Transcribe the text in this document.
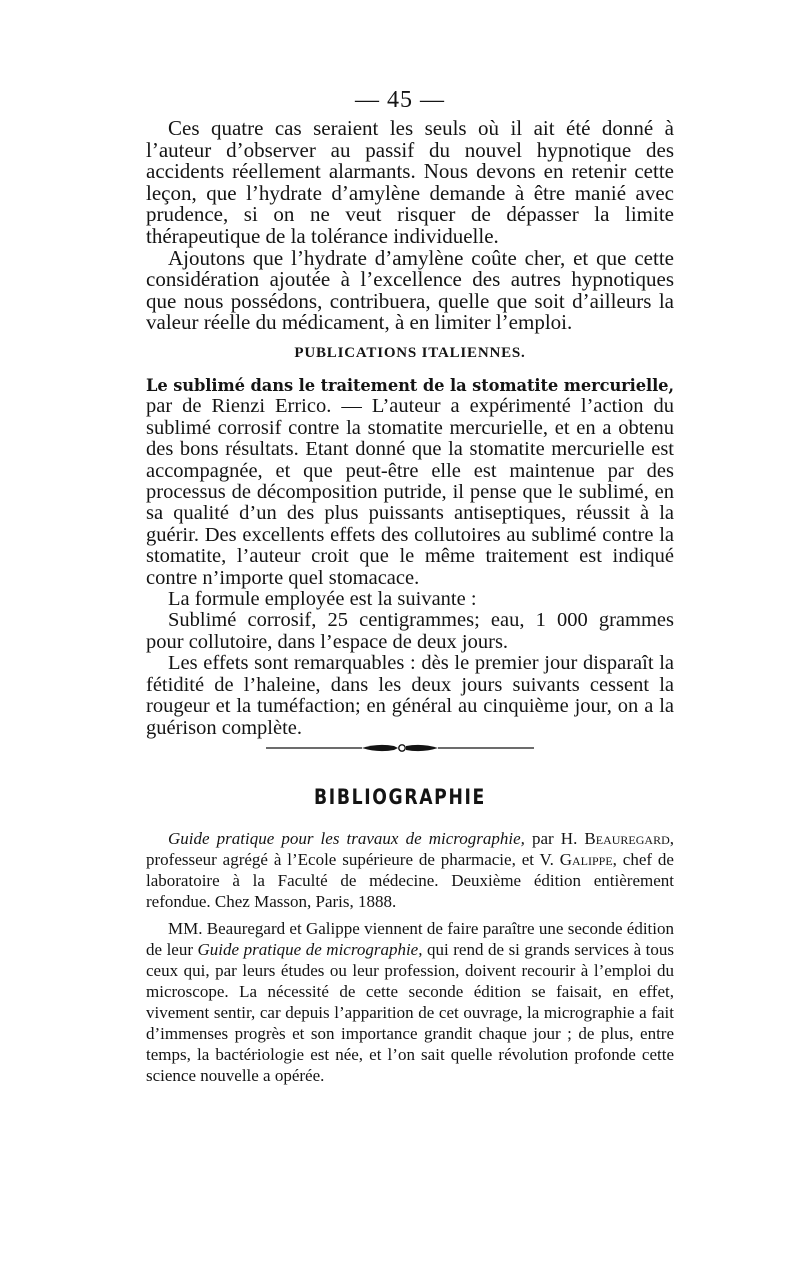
— 45 —

Ces quatre cas seraient les seuls où il ait été donné à l’auteur d’observer au passif du nouvel hypnotique des accidents réellement alarmants. Nous devons en retenir cette leçon, que l’hydrate d’amylène demande à être manié avec prudence, si on ne veut risquer de dépasser la limite thérapeutique de la tolérance individuelle.

Ajoutons que l’hydrate d’amylène coûte cher, et que cette considération ajoutée à l’excellence des autres hypnotiques que nous possédons, contribuera, quelle que soit d’ailleurs la valeur réelle du médicament, à en limiter l’emploi.

PUBLICATIONS ITALIENNES.

Le sublimé dans le traitement de la stomatite mercurielle, par de Rienzi Errico. — L’auteur a expérimenté l’action du sublimé corrosif contre la stomatite mercurielle, et en a obtenu des bons résultats. Etant donné que la stomatite mercurielle est accompagnée, et que peut-être elle est maintenue par des processus de décomposition putride, il pense que le sublimé, en sa qualité d’un des plus puissants antiseptiques, réussit à la guérir. Des excellents effets des collutoires au sublimé contre la stomatite, l’auteur croit que le même traitement est indiqué contre n’importe quel stomacace.

La formule employée est la suivante :

Sublimé corrosif, 25 centigrammes; eau, 1 000 grammes pour collutoire, dans l’espace de deux jours.

Les effets sont remarquables : dès le premier jour disparaît la fétidité de l’haleine, dans les deux jours suivants cessent la rougeur et la tuméfaction; en général au cinquième jour, on a la guérison complète.

BIBLIOGRAPHIE

Guide pratique pour les travaux de micrographie, par H. Beauregard, professeur agrégé à l’Ecole supérieure de pharmacie, et V. Galippe, chef de laboratoire à la Faculté de médecine. Deuxième édition entièrement refondue. Chez Masson, Paris, 1888.

MM. Beauregard et Galippe viennent de faire paraître une seconde édition de leur Guide pratique de micrographie, qui rend de si grands services à tous ceux qui, par leurs études ou leur profession, doivent recourir à l’emploi du microscope. La nécessité de cette seconde édition se faisait, en effet, vivement sentir, car depuis l’apparition de cet ouvrage, la micrographie a fait d’immenses progrès et son importance grandit chaque jour ; de plus, entre temps, la bactériologie est née, et l’on sait quelle révolution profonde cette science nouvelle a opérée.
